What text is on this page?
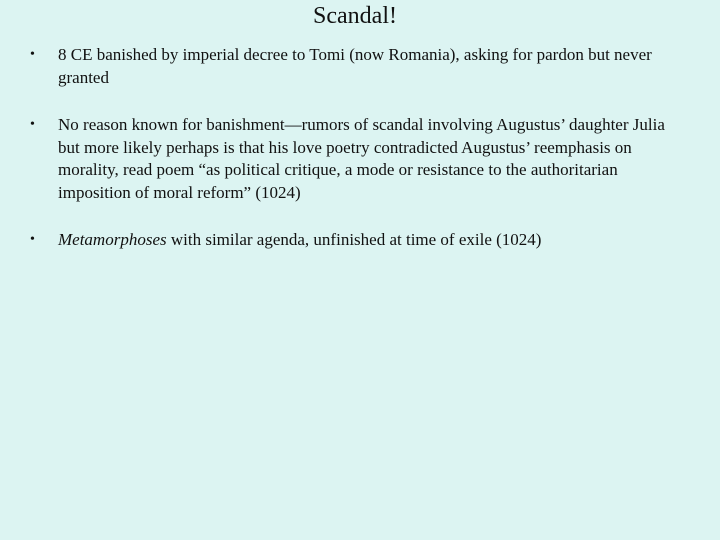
Scandal!
• 8 CE banished by imperial decree to Tomi (now Romania), asking for pardon but never granted
• No reason known for banishment—rumors of scandal involving Augustus’ daughter Julia but more likely perhaps is that his love poetry contradicted Augustus’ reemphasis on morality, read poem “as political critique, a mode or resistance to the authoritarian imposition of moral reform” (1024)
• Metamorphoses with similar agenda, unfinished at time of exile (1024)
